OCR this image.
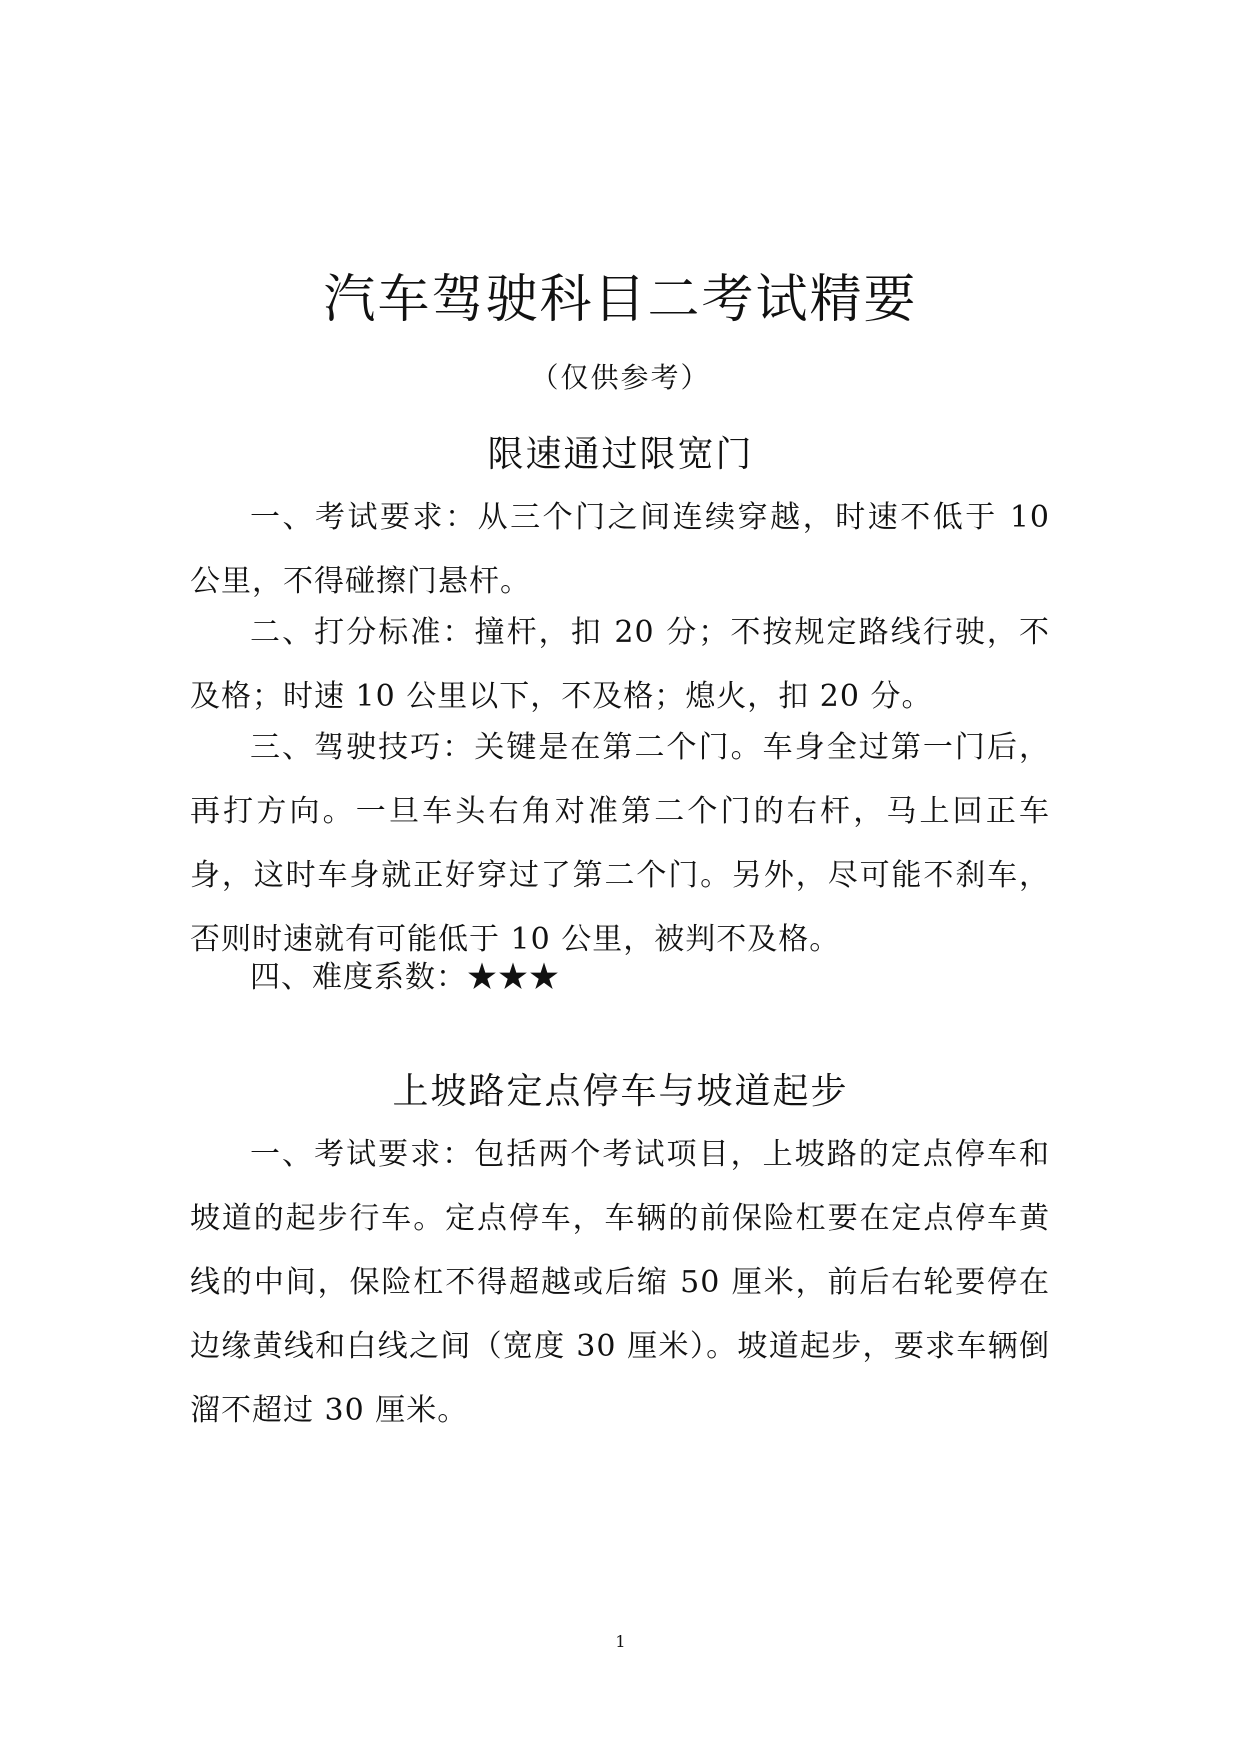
汽车驾驶科目二考试精要
（仅供参考）
限速通过限宽门

一、考试要求：从三个门之间连续穿越，时速不低于 10 公里，不得碰擦门悬杆。

二、打分标准：撞杆，扣 20 分；不按规定路线行驶，不及格；时速 10 公里以下，不及格；熄火，扣 20 分。

三、驾驶技巧：关键是在第二个门。车身全过第一门后，再打方向。一旦车头右角对准第二个门的右杆，马上回正车身，这时车身就正好穿过了第二个门。另外，尽可能不刹车，否则时速就有可能低于 10 公里，被判不及格。

四、难度系数：★★★

上坡路定点停车与坡道起步

一、考试要求：包括两个考试项目，上坡路的定点停车和坡道的起步行车。定点停车，车辆的前保险杠要在定点停车黄线的中间，保险杠不得超越或后缩 50 厘米，前后右轮要停在边缘黄线和白线之间（宽度 30 厘米）。坡道起步，要求车辆倒溜不超过 30 厘米。

1
